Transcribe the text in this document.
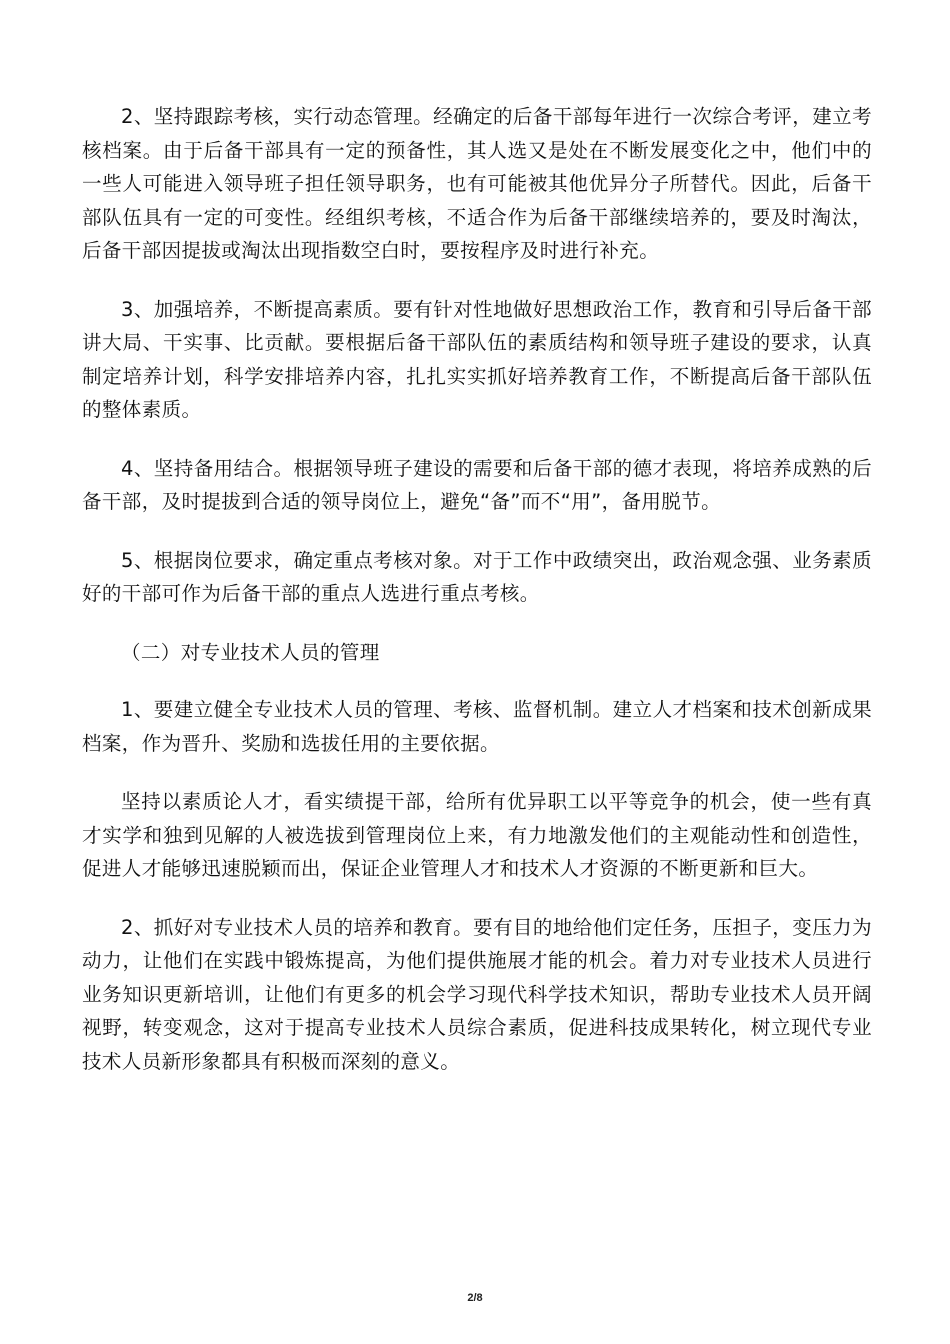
2、坚持跟踪考核，实行动态管理。经确定的后备干部每年进行一次综合考评，建立考核档案。由于后备干部具有一定的预备性，其人选又是处在不断发展变化之中，他们中的一些人可能进入领导班子担任领导职务，也有可能被其他优异分子所替代。因此，后备干部队伍具有一定的可变性。经组织考核，不适合作为后备干部继续培养的，要及时淘汰，后备干部因提拔或淘汰出现指数空白时，要按程序及时进行补充。

3、加强培养，不断提高素质。要有针对性地做好思想政治工作，教育和引导后备干部讲大局、干实事、比贡献。要根据后备干部队伍的素质结构和领导班子建设的要求，认真制定培养计划，科学安排培养内容，扎扎实实抓好培养教育工作，不断提高后备干部队伍的整体素质。

4、坚持备用结合。根据领导班子建设的需要和后备干部的德才表现，将培养成熟的后备干部，及时提拔到合适的领导岗位上，避免“备”而不“用”，备用脱节。

5、根据岗位要求，确定重点考核对象。对于工作中政绩突出，政治观念强、业务素质好的干部可作为后备干部的重点人选进行重点考核。

（二）对专业技术人员的管理

1、要建立健全专业技术人员的管理、考核、监督机制。建立人才档案和技术创新成果档案，作为晋升、奖励和选拔任用的主要依据。

坚持以素质论人才，看实绩提干部，给所有优异职工以平等竞争的机会，使一些有真才实学和独到见解的人被选拔到管理岗位上来，有力地激发他们的主观能动性和创造性，促进人才能够迅速脱颖而出，保证企业管理人才和技术人才资源的不断更新和巨大。

2、抓好对专业技术人员的培养和教育。要有目的地给他们定任务，压担子，变压力为动力，让他们在实践中锻炼提高，为他们提供施展才能的机会。着力对专业技术人员进行业务知识更新培训，让他们有更多的机会学习现代科学技术知识，帮助专业技术人员开阔视野，转变观念，这对于提高专业技术人员综合素质，促进科技成果转化，树立现代专业技术人员新形象都具有积极而深刻的意义。

2/8
